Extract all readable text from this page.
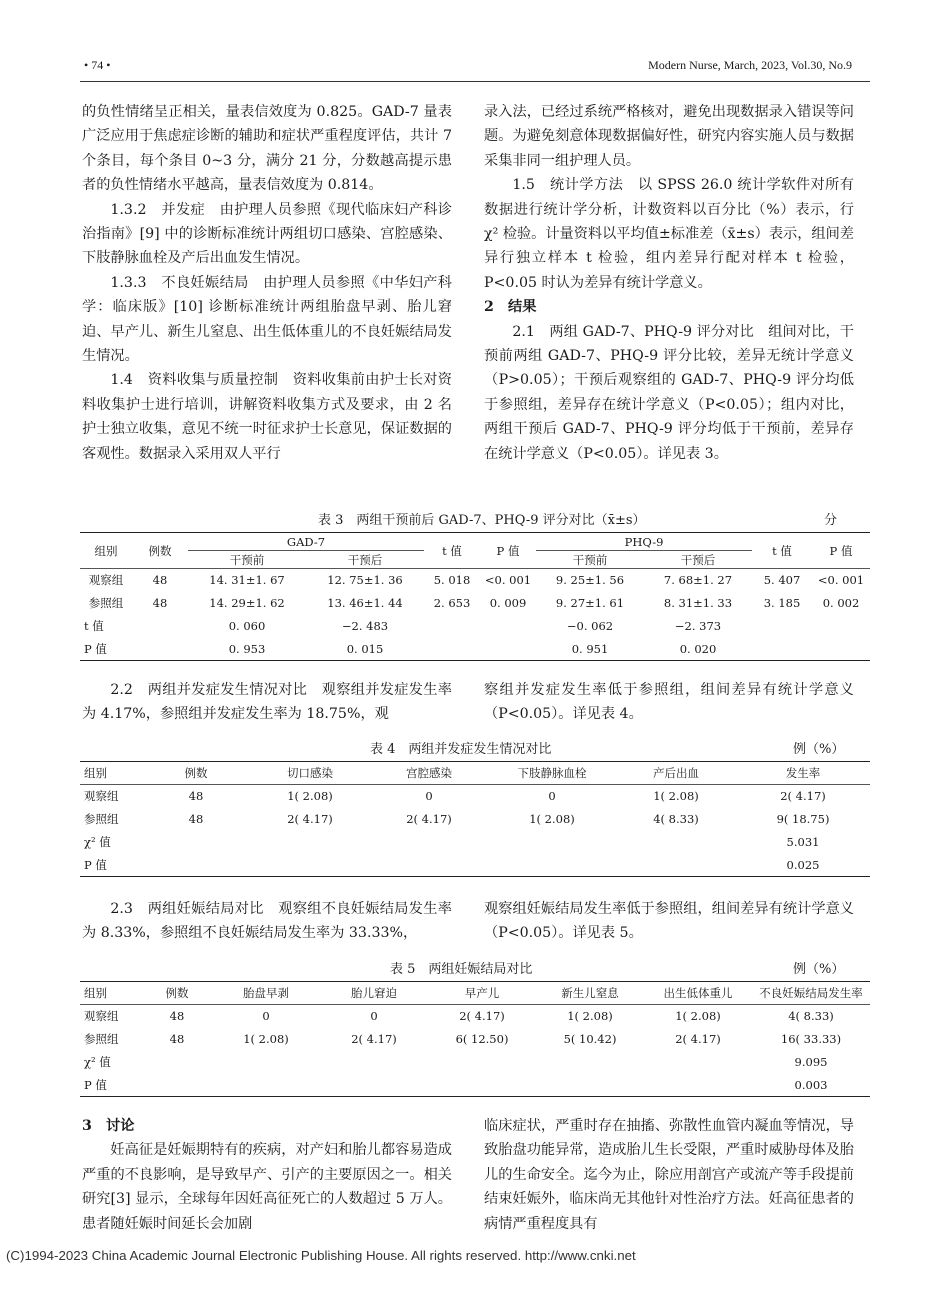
• 74 •	Modern Nurse, March, 2023, Vol.30, No.9

的负性情绪呈正相关，量表信效度为 0.825。GAD-7 量表广泛应用于焦虑症诊断的辅助和症状严重程度评估，共计 7 个条目，每个条目 0~3 分，满分 21 分，分数越高提示患者的负性情绪水平越高，量表信效度为 0.814。

1.3.2　并发症　由护理人员参照《现代临床妇产科诊治指南》[9] 中的诊断标准统计两组切口感染、宫腔感染、下肢静脉血栓及产后出血发生情况。

1.3.3　不良妊娠结局　由护理人员参照《中华妇产科学：临床版》[10] 诊断标准统计两组胎盘早剥、胎儿窘迫、早产儿、新生儿窒息、出生低体重儿的不良妊娠结局发生情况。

1.4　资料收集与质量控制　资料收集前由护士长对资料收集护士进行培训，讲解资料收集方式及要求，由 2 名护士独立收集，意见不统一时征求护士长意见，保证数据的客观性。数据录入采用双人平行

录入法，已经过系统严格核对，避免出现数据录入错误等问题。为避免刻意体现数据偏好性，研究内容实施人员与数据采集非同一组护理人员。

1.5　统计学方法　以 SPSS 26.0 统计学软件对所有数据进行统计学分析，计数资料以百分比（%）表示，行 χ² 检验。计量资料以平均值±标准差（x̄±s）表示，组间差异行独立样本 t 检验，组内差异行配对样本 t 检验，P<0.05 时认为差异有统计学意义。

2　结果

2.1　两组 GAD-7、PHQ-9 评分对比　组间对比，干预前两组 GAD-7、PHQ-9 评分比较，差异无统计学意义（P>0.05）；干预后观察组的 GAD-7、PHQ-9 评分均低于参照组，差异存在统计学意义（P<0.05）；组内对比，两组干预后 GAD-7、PHQ-9 评分均低于干预前，差异存在统计学意义（P<0.05）。详见表 3。

表 3　两组干预前后 GAD-7、PHQ-9 评分对比（x̄±s）	分
组别	例数	GAD-7		t 值	P 值	PHQ-9		t 值	P 值
		干预前	干预后			干预前	干预后		
观察组	48	14. 31±1. 67	12. 75±1. 36	5. 018	<0. 001	9. 25±1. 56	7. 68±1. 27	5. 407	<0. 001
参照组	48	14. 29±1. 62	13. 46±1. 44	2. 653	0. 009	9. 27±1. 61	8. 31±1. 33	3. 185	0. 002
t 值		0. 060	−2. 483			−0. 062	−2. 373		
P 值		0. 953	0. 015			0. 951	0. 020		

2.2　两组并发症发生情况对比　观察组并发症发生率为 4.17%，参照组并发症发生率为 18.75%，观

察组并发症发生率低于参照组，组间差异有统计学意义（P<0.05）。详见表 4。

表 4　两组并发症发生情况对比	例（%）
组别	例数	切口感染	宫腔感染	下肢静脉血栓	产后出血	发生率
观察组	48	1( 2.08)	0	0	1( 2.08)	2( 4.17)
参照组	48	2( 4.17)	2( 4.17)	1( 2.08)	4( 8.33)	9( 18.75)
χ² 值						5.031
P 值						0.025

2.3　两组妊娠结局对比　观察组不良妊娠结局发生率为 8.33%，参照组不良妊娠结局发生率为 33.33%，

观察组妊娠结局发生率低于参照组，组间差异有统计学意义（P<0.05）。详见表 5。

表 5　两组妊娠结局对比	例（%）
组别	例数	胎盘早剥	胎儿窘迫	早产儿	新生儿窒息	出生低体重儿	不良妊娠结局发生率
观察组	48	0	0	2( 4.17)	1( 2.08)	1( 2.08)	4( 8.33)
参照组	48	1( 2.08)	2( 4.17)	6( 12.50)	5( 10.42)	2( 4.17)	16( 33.33)
χ² 值							9.095
P 值							0.003

3　讨论

妊高征是妊娠期特有的疾病，对产妇和胎儿都容易造成严重的不良影响，是导致早产、引产的主要原因之一。相关研究[3] 显示，全球每年因妊高征死亡的人数超过 5 万人。患者随妊娠时间延长会加剧

临床症状，严重时存在抽搐、弥散性血管内凝血等情况，导致胎盘功能异常，造成胎儿生长受限，严重时威胁母体及胎儿的生命安全。迄今为止，除应用剖宫产或流产等手段提前结束妊娠外，临床尚无其他针对性治疗方法。妊高征患者的病情严重程度具有

(C)1994-2023 China Academic Journal Electronic Publishing House. All rights reserved. http://www.cnki.net
